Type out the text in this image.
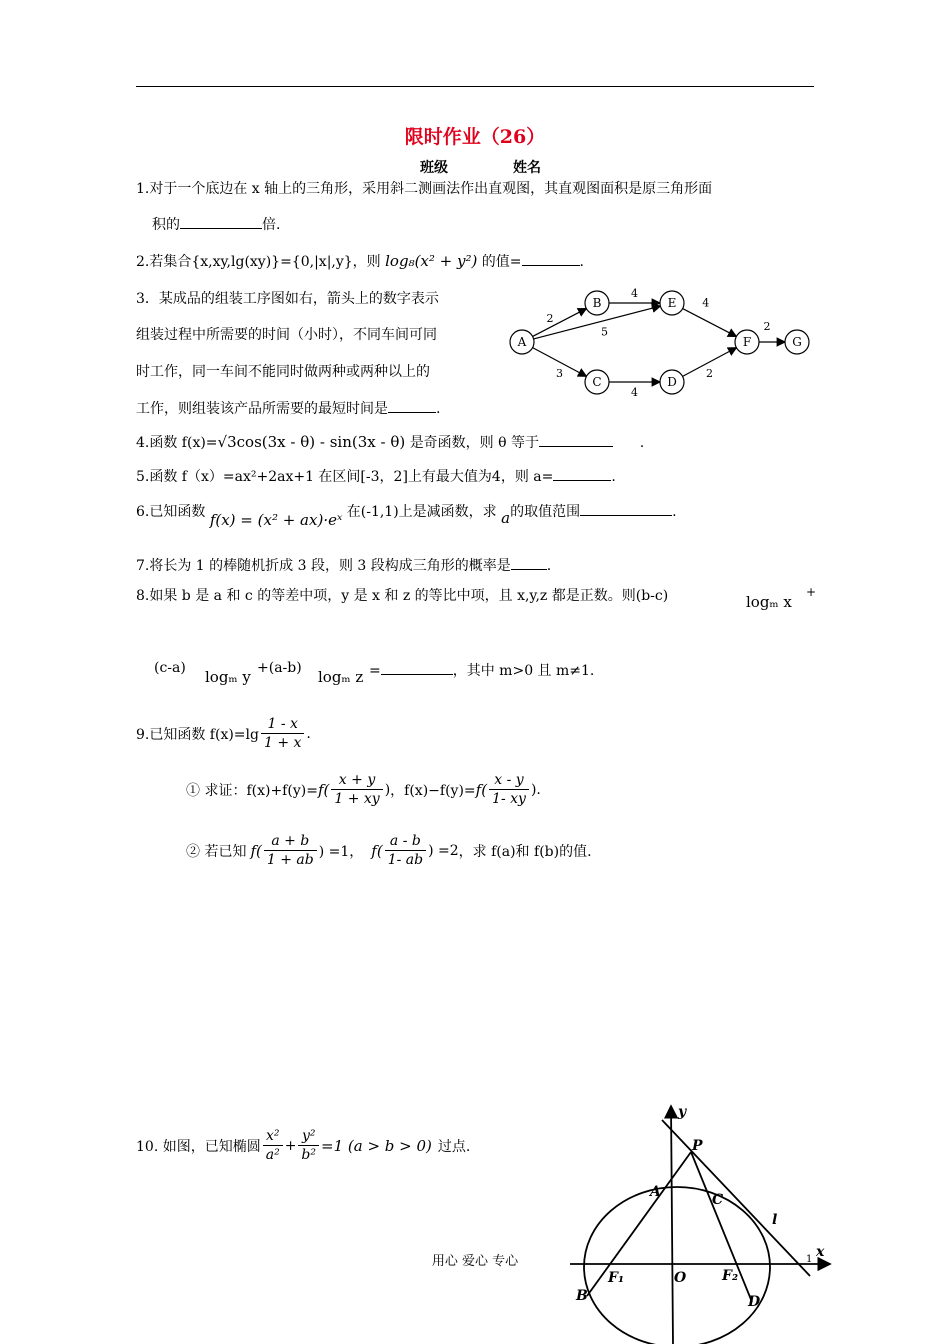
限时作业（26）
班级	姓名
1.对于一个底边在 x 轴上的三角形，采用斜二测画法作出直观图，其直观图面积是原三角形面
积的	倍.
2.若集合{x,xy,lg(xy)}={0,|x|,y}，则 log₈(x² + y²) 的值=	.
3．某成品的组装工序图如右，箭头上的数字表示
组装过程中所需要的时间（小时），不同车间可同
时工作，同一车间不能同时做两种或两种以上的
工作，则组装该产品所需要的最短时间是	.
A
B
C	D
E
F	G
2
4
5
3
4
4
2
2
4.函数 f(x)=√3cos(3x - θ) - sin(3x - θ) 是奇函数，则 θ 等于	.
5.函数 f（x）=ax²+2ax+1 在区间[-3，2]上有最大值为4，则 a=	.
6.已知函数 f(x) = (x² + ax)·eˣ 在(-1,1)上是减函数，求 a的取值范围	.
7.将长为 1 的棒随机折成 3 段，则 3 段构成三角形的概率是	.
8.如果 b 是 a 和 c 的等差中项，y 是 x 和 z 的等比中项，且 x,y,z 都是正数。则(b-c)	logₘ x
+
(c-a) logₘ y +(a-b) logₘ z =	，其中 m>0 且 m≠1.
9.已知函数 $f(x)=\lg \frac{1 - x}{1 + x}$ .
① 求证：$f(x)+f(y)= f( \frac{x + y}{1 + xy}$ ) ，$f(x)-f(y)= f( \frac{x - y}{1- xy}$ ).
② 若已知 $f( \frac{a + b}{1 + ab}$ ) =1， $f( \frac{a - b}{1- ab}$ ) =2 ，求 f(a)和 f(b)的值.
10. 如图，已知椭圆 $\frac{\text{x²}}{\text{a²}} + \frac{\text{y²}}{\text{b²}} =1$ (a > b > 0) 过点.
y
x
P
A	C
l
O
F₁	F₂
B	D
1
用心 爱心 专心
